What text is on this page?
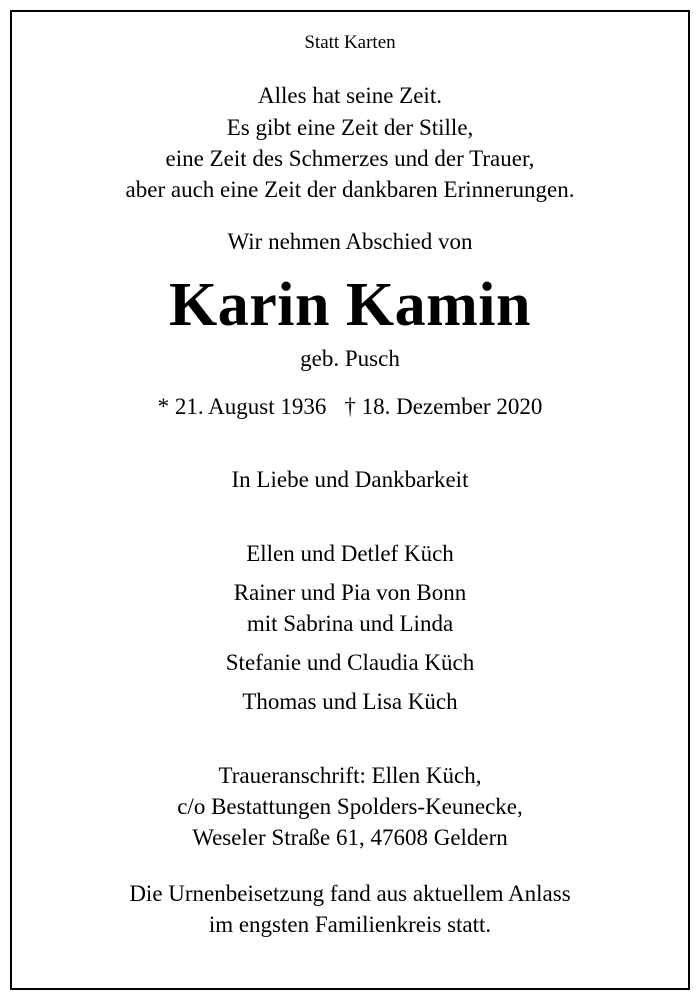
Statt Karten
Alles hat seine Zeit.
Es gibt eine Zeit der Stille,
eine Zeit des Schmerzes und der Trauer,
aber auch eine Zeit der dankbaren Erinnerungen.
Wir nehmen Abschied von
Karin Kamin
geb. Pusch
* 21. August 1936 † 18. Dezember 2020
In Liebe und Dankbarkeit
Ellen und Detlef Küch
Rainer und Pia von Bonn
mit Sabrina und Linda
Stefanie und Claudia Küch
Thomas und Lisa Küch
Traueranschrift: Ellen Küch,
c/o Bestattungen Spolders-Keunecke,
Weseler Straße 61, 47608 Geldern
Die Urnenbeisetzung fand aus aktuellem Anlass
im engsten Familienkreis statt.
